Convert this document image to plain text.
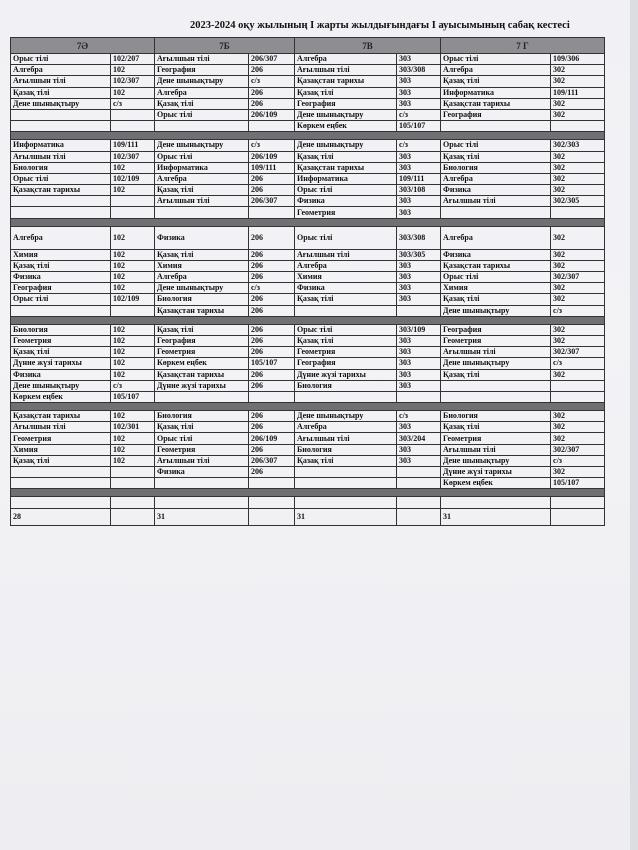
2023-2024 оқу жылының І жарты жылдығындағы І ауысымының сабақ кестесі
7Ә		7Б		7В		7 Г	
Орыс тілі	102/207	Ағылшын тілі	206/307	Алгебра	303	Орыс тілі	109/306
Алгебра	102	География	206	Ағылшын тілі	303/308	Алгебра	302
Ағылшын тілі	102/307	Дене шынықтыру	с/з	Қазақстан тарихы	303	Қазақ тілі	302
Қазақ тілі	102	Алгебра	206	Қазақ тілі	303	Информатика	109/111
Дене шынықтыру	с/з	Қазақ тілі	206	География	303	Қазақстан тарихы	302
		Орыс тілі	206/109	Дене шынықтыру	с/з	География	302
				Көркем еңбек	105/107		

Информатика	109/111	Дене шынықтыру	с/з	Дене шынықтыру	с/з	Орыс тілі	302/303
Ағылшын тілі	102/307	Орыс тілі	206/109	Қазақ тілі	303	Қазақ тілі	302
Биология	102	Информатика	109/111	Қазақстан тарихы	303	Биология	302
Орыс тілі	102/109	Алгебра	206	Информатика	109/111	Алгебра	302
Қазақстан тарихы	102	Қазақ тілі	206	Орыс тілі	303/108	Физика	302
		Ағылшын тілі	206/307	Физика	303	Ағылшын тілі	302/305
				Геометрия	303		

Алгебра	102	Физика	206	Орыс тілі	303/308	Алгебра	302
Химия	102	Қазақ тілі	206	Ағылшын тілі	303/305	Физика	302
Қазақ тілі	102	Химия	206	Алгебра	303	Қазақстан тарихы	302
Физика	102	Алгебра	206	Химия	303	Орыс тілі	302/307
География	102	Дене шынықтыру	с/з	Физика	303	Химия	302
Орыс тілі	102/109	Биология	206	Қазақ тілі	303	Қазақ тілі	302
		Қазақстан тарихы	206			Дене шынықтыру	с/з

Биология	102	Қазақ тілі	206	Орыс тілі	303/109	География	302
Геометрия	102	География	206	Қазақ тілі	303	Геометрия	302
Қазақ тілі	102	Геометрия	206	Геометрия	303	Ағылшын тілі	302/307
Дүние жүзі тарихы	102	Көркем еңбек	105/107	География	303	Дене шынықтыру	с/з
Физика	102	Қазақстан тарихы	206	Дүние жүзі тарихы	303	Қазақ тілі	302
Дене шынықтыру	с/з	Дүние жүзі тарихы	206	Биология	303		
Көркем еңбек	105/107						

Қазақстан тарихы	102	Биология	206	Дене шынықтыру	с/з	Биология	302
Ағылшын тілі	102/301	Қазақ тілі	206	Алгебра	303	Қазақ тілі	302
Геометрия	102	Орыс тілі	206/109	Ағылшын тілі	303/204	Геометрия	302
Химия	102	Геометрия	206	Биология	303	Ағылшын тілі	302/307
Қазақ тілі	102	Ағылшын тілі	206/307	Қазақ тілі	303	Дене шынықтыру	с/з
		Физика	206			Дүние жүзі тарихы	302
						Көркем еңбек	105/107

28		31		31		31	
